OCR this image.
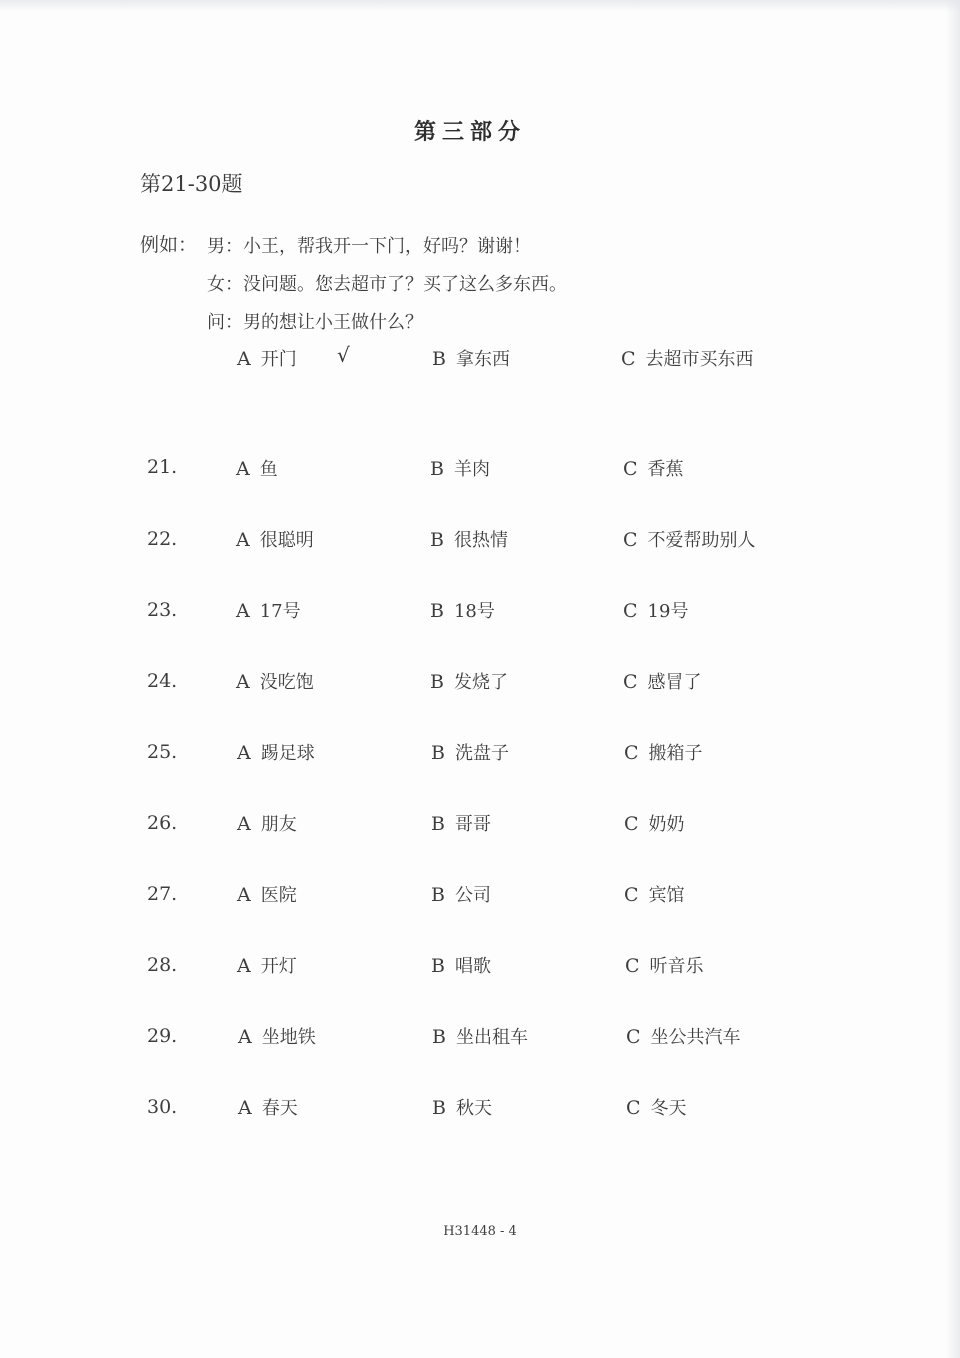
第三部分
第21-30题
例如： 男：小王，帮我开一下门，好吗？谢谢！
女：没问题。您去超市了？买了这么多东西。
问：男的想让小王做什么？
A 开门 √	B 拿东西	C 去超市买东西
21.	A 鱼	B 羊肉	C 香蕉
22.	A 很聪明	B 很热情	C 不爱帮助别人
23.	A 17号	B 18号	C 19号
24.	A 没吃饱	B 发烧了	C 感冒了
25.	A 踢足球	B 洗盘子	C 搬箱子
26.	A 朋友	B 哥哥	C 奶奶
27.	A 医院	B 公司	C 宾馆
28.	A 开灯	B 唱歌	C 听音乐
29.	A 坐地铁	B 坐出租车	C 坐公共汽车
30.	A 春天	B 秋天	C 冬天
H31448 - 4
